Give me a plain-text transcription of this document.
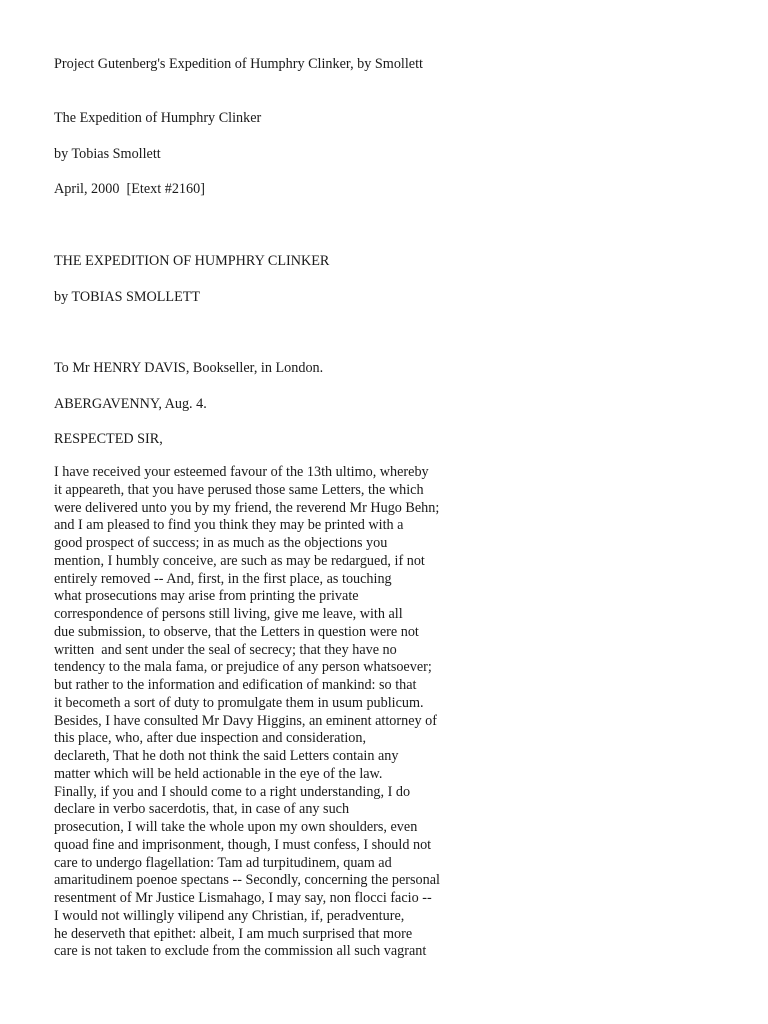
Project Gutenberg's Expedition of Humphry Clinker, by Smollett
The Expedition of Humphry Clinker
by Tobias Smollett
April, 2000  [Etext #2160]
THE EXPEDITION OF HUMPHRY CLINKER
by TOBIAS SMOLLETT
To Mr HENRY DAVIS, Bookseller, in London.
ABERGAVENNY, Aug. 4.
RESPECTED SIR,
I have received your esteemed favour of the 13th ultimo, whereby
it appeareth, that you have perused those same Letters, the which
were delivered unto you by my friend, the reverend Mr Hugo Behn;
and I am pleased to find you think they may be printed with a
good prospect of success; in as much as the objections you
mention, I humbly conceive, are such as may be redargued, if not
entirely removed -- And, first, in the first place, as touching
what prosecutions may arise from printing the private
correspondence of persons still living, give me leave, with all
due submission, to observe, that the Letters in question were not
written  and sent under the seal of secrecy; that they have no
tendency to the mala fama, or prejudice of any person whatsoever;
but rather to the information and edification of mankind: so that
it becometh a sort of duty to promulgate them in usum publicum.
Besides, I have consulted Mr Davy Higgins, an eminent attorney of
this place, who, after due inspection and consideration,
declareth, That he doth not think the said Letters contain any
matter which will be held actionable in the eye of the law.
Finally, if you and I should come to a right understanding, I do
declare in verbo sacerdotis, that, in case of any such
prosecution, I will take the whole upon my own shoulders, even
quoad fine and imprisonment, though, I must confess, I should not
care to undergo flagellation: Tam ad turpitudinem, quam ad
amaritudinem poenoe spectans -- Secondly, concerning the personal
resentment of Mr Justice Lismahago, I may say, non flocci facio --
I would not willingly vilipend any Christian, if, peradventure,
he deserveth that epithet: albeit, I am much surprised that more
care is not taken to exclude from the commission all such vagrant
